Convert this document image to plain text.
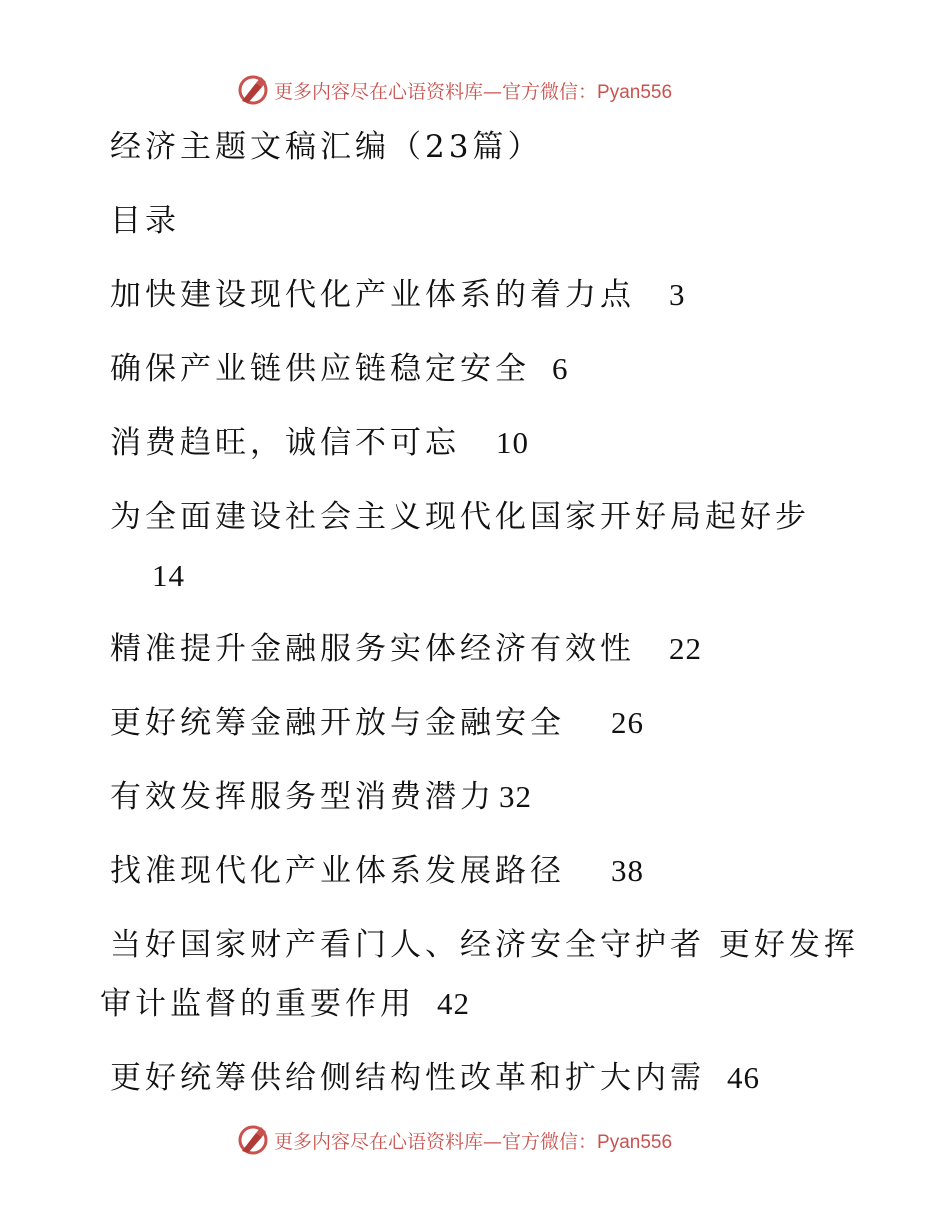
更多内容尽在心语资料库—官方微信：Pyan556
经济主题文稿汇编（23篇）
目录
加快建设现代化产业体系的着力点 3
确保产业链供应链稳定安全 6
消费趋旺，诚信不可忘 10
为全面建设社会主义现代化国家开好局起好步
14
精准提升金融服务实体经济有效性 22
更好统筹金融开放与金融安全 26
有效发挥服务型消费潜力 32
找准现代化产业体系发展路径 38
当好国家财产看门人、经济安全守护者 更好发挥
审计监督的重要作用 42
更好统筹供给侧结构性改革和扩大内需 46
更多内容尽在心语资料库—官方微信：Pyan556
